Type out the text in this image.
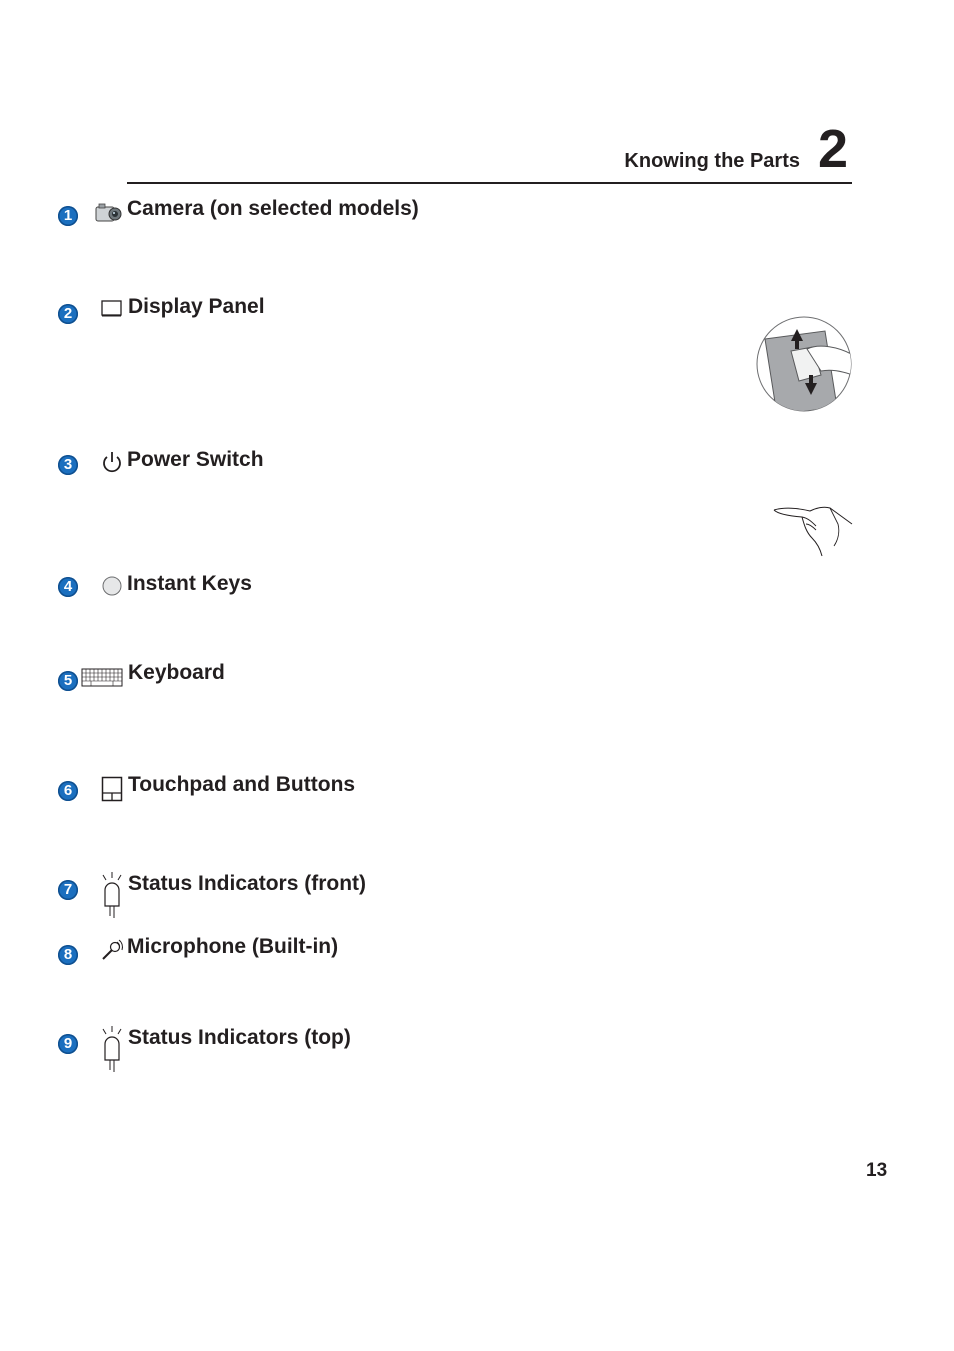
Knowing the Parts 2
1	Camera (on selected models)
2	Display Panel
3	Power Switch
4	Instant Keys
5	Keyboard
6	Touchpad and Buttons
7	Status Indicators (front)
8	Microphone (Built-in)
9	Status Indicators (top)
13
